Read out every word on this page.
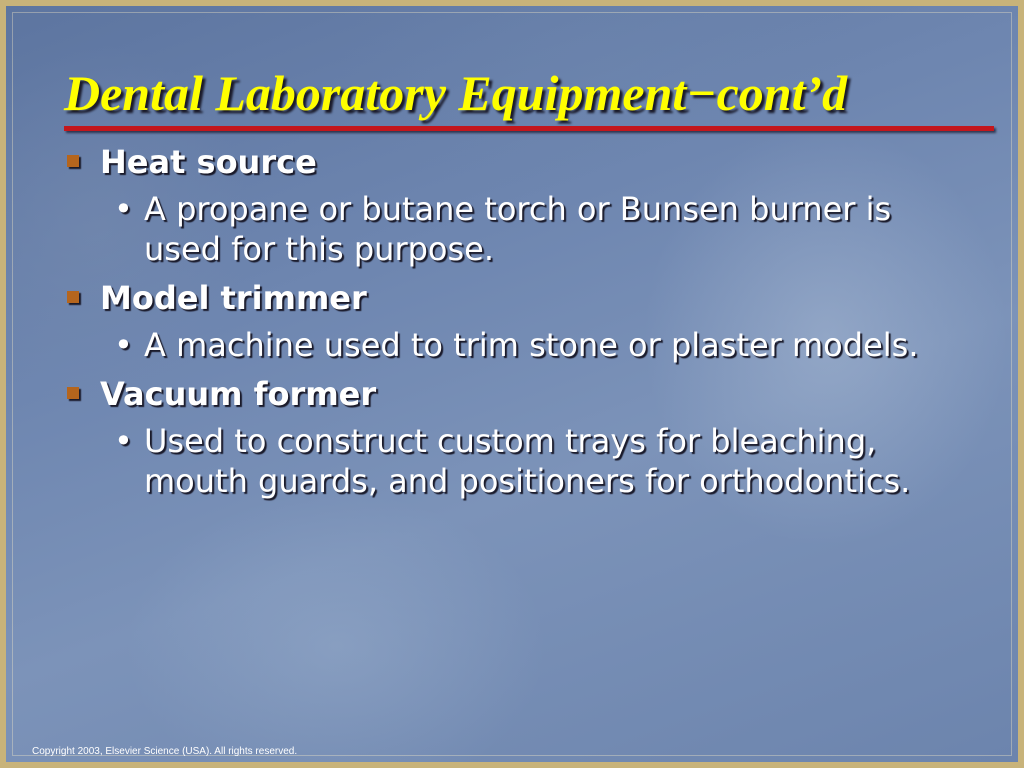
Dental Laboratory Equipment−cont’d
Heat source
• A propane or butane torch or Bunsen burner is used for this purpose.
Model trimmer
• A machine used to trim stone or plaster models.
Vacuum former
• Used to construct custom trays for bleaching, mouth guards, and positioners for orthodontics.
Copyright 2003, Elsevier Science (USA). All rights reserved.
